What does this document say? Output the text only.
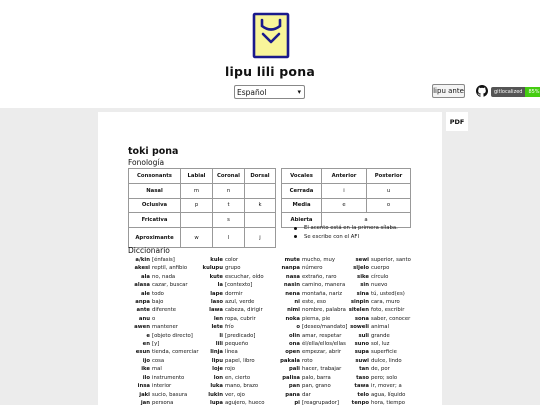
lipu lili pona
Español	▾	lipu ante	gitlocalized	85%
PDF
toki pona
Fonología
Consonants	Labial	Coronal	Dorsal
Nasal	m	n	
Oclusiva	p	t	k
Fricativa		s	
Aproximante	w	l	j
Vocales	Anterior	Posterior
Cerrada	i	u
Media	e	o
Abierta	a	
El acento está en la primera sílaba.
Se escribe con el AFI
Diccionario
a/kin [énfasis]
akesi reptil, anfibio
ala no, nada
alasa cazar, buscar
ale todo
anpa bajo
ante diferente
anu o
awen mantener
e [objeto directo]
en [y]
esun tienda, comerciar
ijo cosa
ike mal
ilo instrumento
insa interior
jaki sucio, basura
jan persona
kule color
kulupu grupo
kute escuchar, oído
la [contexto]
lape dormir
laso azul, verde
lawa cabeza, dirigir
len ropa, cubrir
lete frío
li [predicado]
lili pequeño
linja línea
lipu papel, libro
loje rojo
lon en, cierto
luka mano, brazo
lukin ver, ojo
lupa agujero, hueco
mute mucho, muy
nanpa número
nasa extraño, raro
nasin camino, manera
nena montaña, nariz
ni este, eso
nimi nombre, palabra
noka pierna, pie
o [deseo/mandato]
olin amar, respetar
ona él/ella/ellos/ellas
open empezar, abrir
pakala roto
pali hacer, trabajar
palisa palo, barra
pan pan, grano
pana dar
pi [reagrupador]
sewi superior, santo
sijelo cuerpo
sike círculo
sin nuevo
sina tú, usted(es)
sinpin cara, muro
sitelen foto, escribir
sona saber, conocer
soweli animal
suli grande
suno sol, luz
supa superficie
suwi dulce, lindo
tan de, por
taso pero; solo
tawa ir, mover; a
telo agua, líquido
tenpo hora, tiempo
